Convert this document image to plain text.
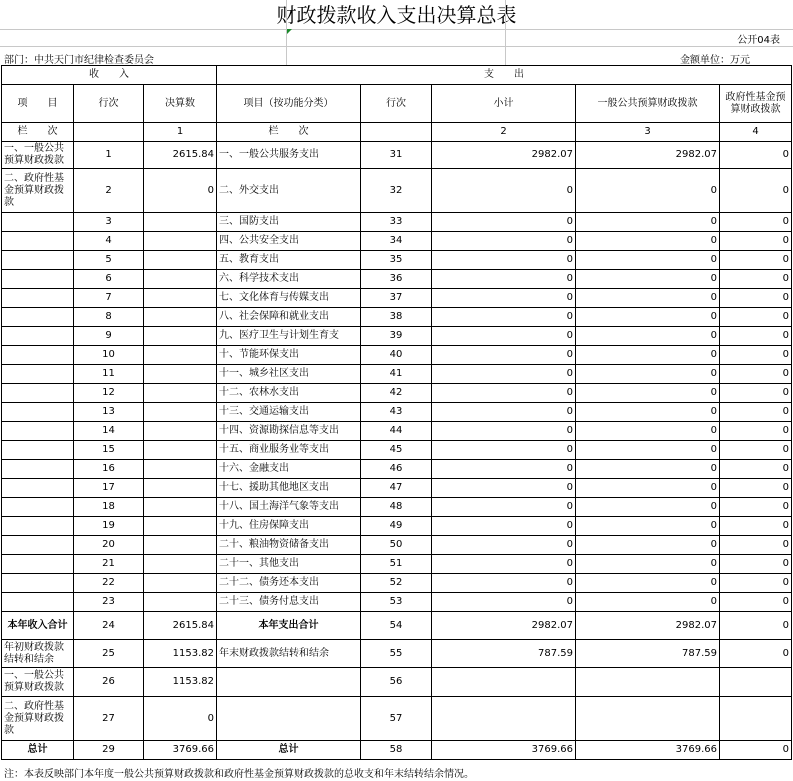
财政拨款收入支出决算总表
公开04表
部门：中共天门市纪律检查委员会	金额单位：万元
收　　入			支　　出				
项　　目	行次	决算数	项目（按功能分类）	行次	小计	一般公共预算财政拨款	政府性基金预算财政拨款
栏　　次		1	栏　　次		2	3	4
一、一般公共预算财政拨款	1	2615.84	一、一般公共服务支出	31	2982.07	2982.07	0
二、政府性基金预算财政拨款	2	0	二、外交支出	32	0	0	0
	3		三、国防支出	33	0	0	0
	4		四、公共安全支出	34	0	0	0
	5		五、教育支出	35	0	0	0
	6		六、科学技术支出	36	0	0	0
	7		七、文化体育与传媒支出	37	0	0	0
	8		八、社会保障和就业支出	38	0	0	0
	9		九、医疗卫生与计划生育支	39	0	0	0
	10		十、节能环保支出	40	0	0	0
	11		十一、城乡社区支出	41	0	0	0
	12		十二、农林水支出	42	0	0	0
	13		十三、交通运输支出	43	0	0	0
	14		十四、资源勘探信息等支出	44	0	0	0
	15		十五、商业服务业等支出	45	0	0	0
	16		十六、金融支出	46	0	0	0
	17		十七、援助其他地区支出	47	0	0	0
	18		十八、国土海洋气象等支出	48	0	0	0
	19		十九、住房保障支出	49	0	0	0
	20		二十、粮油物资储备支出	50	0	0	0
	21		二十一、其他支出	51	0	0	0
	22		二十二、债务还本支出	52	0	0	0
	23		二十三、债务付息支出	53	0	0	0
本年收入合计	24	2615.84	本年支出合计	54	2982.07	2982.07	0
年初财政拨款结转和结余	25	1153.82	年末财政拨款结转和结余	55	787.59	787.59	0
一、一般公共预算财政拨款	26	1153.82		56			
二、政府性基金预算财政拨款	27	0		57			
总计	29	3769.66	总计	58	3769.66	3769.66	0
注：本表反映部门本年度一般公共预算财政拨款和政府性基金预算财政拨款的总收支和年末结转结余情况。
